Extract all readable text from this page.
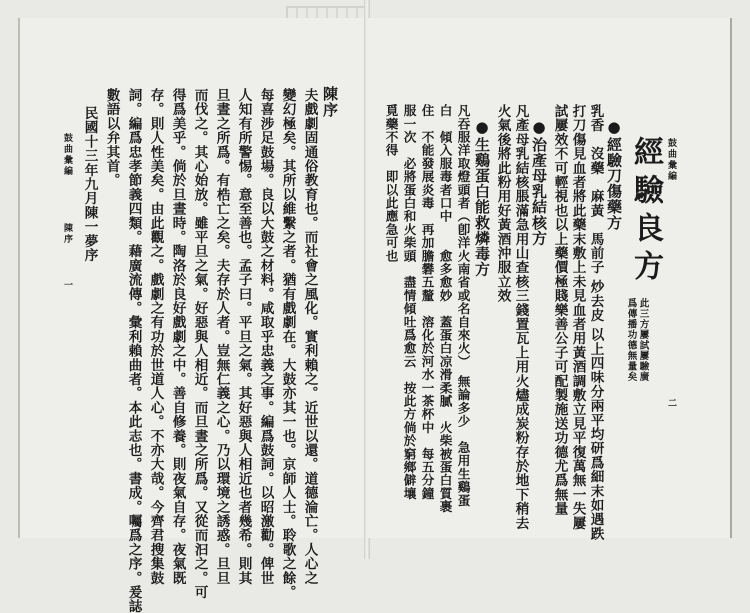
陳序
夫戲劇固通俗教育也。而社會之風化。實利賴之。近世以還。道德淪亡。人心之
變幻極矣。其所以維繫之者。猶有戲劇在。大鼓亦其一也。京師人士。聆歌之餘。
每喜涉足鼓場。良以大鼓之材料。咸取乎忠義之事。編爲鼓詞。以昭激勸。俾世
人知有所警惕。意至善也。孟子曰。平旦之氣。其好惡與人相近也者幾希。則其
旦晝之所爲。有梏亡之矣。夫存於人者。豈無仁義之心。乃以環境之誘惑。旦旦
而伐之。其心始放。雖平旦之氣。好惡與人相近。而旦晝之所爲。又從而汩之。可
得爲美乎。倘於旦晝時。陶洛於良好戲劇之中。善自修養。則夜氣自存。夜氣既
存。則人性美矣。由此觀之。戲劇之有功於世道人心。不亦大哉。今齊君搜集鼓
詞。編爲忠孝節義四類。藉廣流傳。彙利賴曲者。本此志也。書成。囑爲之序。爰誌
數語以弁其首。
民國十三年九月陳一夢序
鼓曲彙編
陳序
一
鼓曲彙編
二
經驗良方
此三方屢試屢驗廣
爲傳播功德無量矣
●經驗刀傷藥方
乳香　沒藥　麻黃　馬前子 炒去皮 以上四味分兩平均研爲細末如遇跌
打刀傷見血者將此藥末敷上未見血者用黃酒調敷立見平復萬無一失屢
試屢效不可輕視也以上藥價極賤樂善公子可配製施送功德尤爲無量
●治產母乳結核方
凡產母乳結核脹滿急用山查核三錢置瓦上用火燼成炭粉存於地下稍去
火氣後將此粉用好黃酒沖服立效
●生鷄蛋白能救燐毒方
凡吞服洋取燈頭者（卽洋火南省或名自來火）　無論多少　急用生鷄蛋
白　傾入服毒者口中　　愈多愈妙　蓋蛋白凉滑柔膩　火柴被蛋白質裹
住　不能發展炎毒　再加膽礬五釐　溶化於河水一茶杯中　每五分鐘
服一次　必將蛋白和火柴頭　盡情傾吐爲愈云　按此方倘於窮鄉僻壤
覓藥不得　即以此應急可也
